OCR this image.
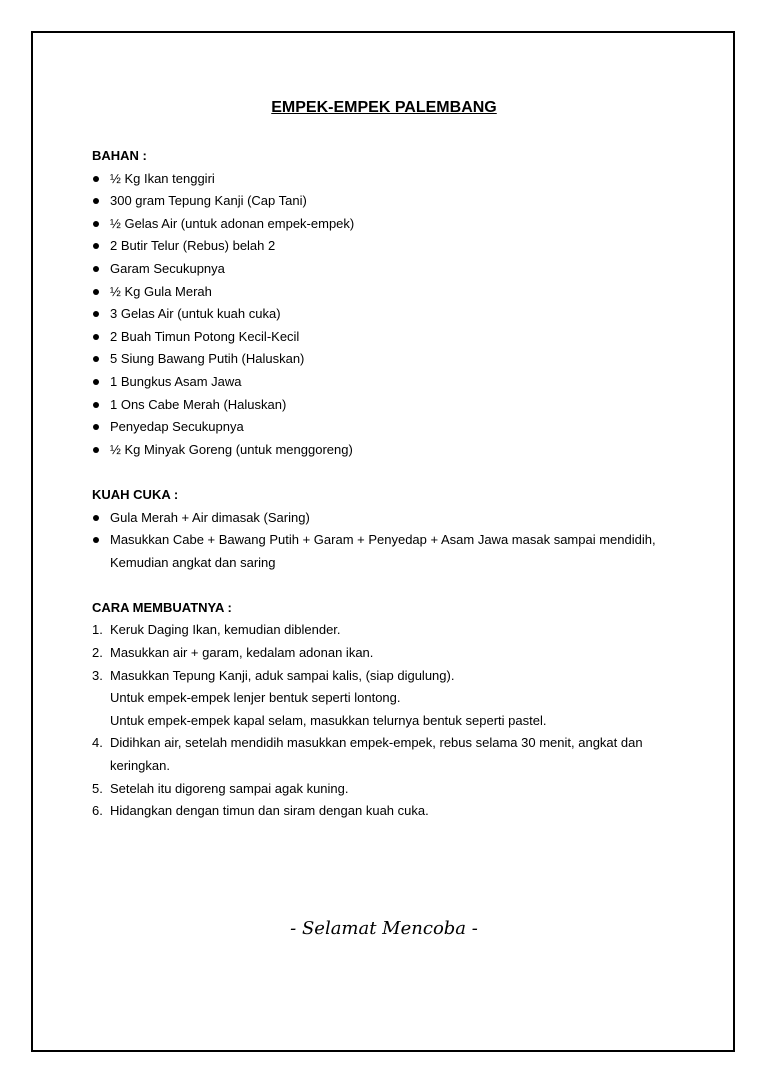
EMPEK-EMPEK PALEMBANG

BAHAN :

½ Kg Ikan tenggiri
300 gram Tepung Kanji (Cap Tani)
½ Gelas Air (untuk adonan empek-empek)
2 Butir Telur (Rebus) belah 2
Garam Secukupnya
½ Kg Gula Merah
3 Gelas Air (untuk kuah cuka)
2 Buah Timun Potong Kecil-Kecil
5 Siung Bawang Putih (Haluskan)
1 Bungkus Asam Jawa
1 Ons Cabe Merah (Haluskan)
Penyedap Secukupnya
½ Kg Minyak Goreng (untuk menggoreng)

KUAH CUKA :

Gula Merah + Air dimasak (Saring)
Masukkan Cabe + Bawang Putih + Garam + Penyedap + Asam Jawa masak sampai mendidih, Kemudian angkat dan saring

CARA MEMBUATNYA :

1. Keruk Daging Ikan, kemudian diblender.
2. Masukkan air + garam, kedalam adonan ikan.
3. Masukkan Tepung Kanji, aduk sampai kalis, (siap digulung).
Untuk empek-empek lenjer bentuk seperti lontong.
Untuk empek-empek kapal selam, masukkan telurnya bentuk seperti pastel.
4. Didihkan air, setelah mendidih masukkan empek-empek, rebus selama 30 menit, angkat dan keringkan.
5. Setelah itu digoreng sampai agak kuning.
6. Hidangkan dengan timun dan siram dengan kuah cuka.
- Selamat Mencoba -
